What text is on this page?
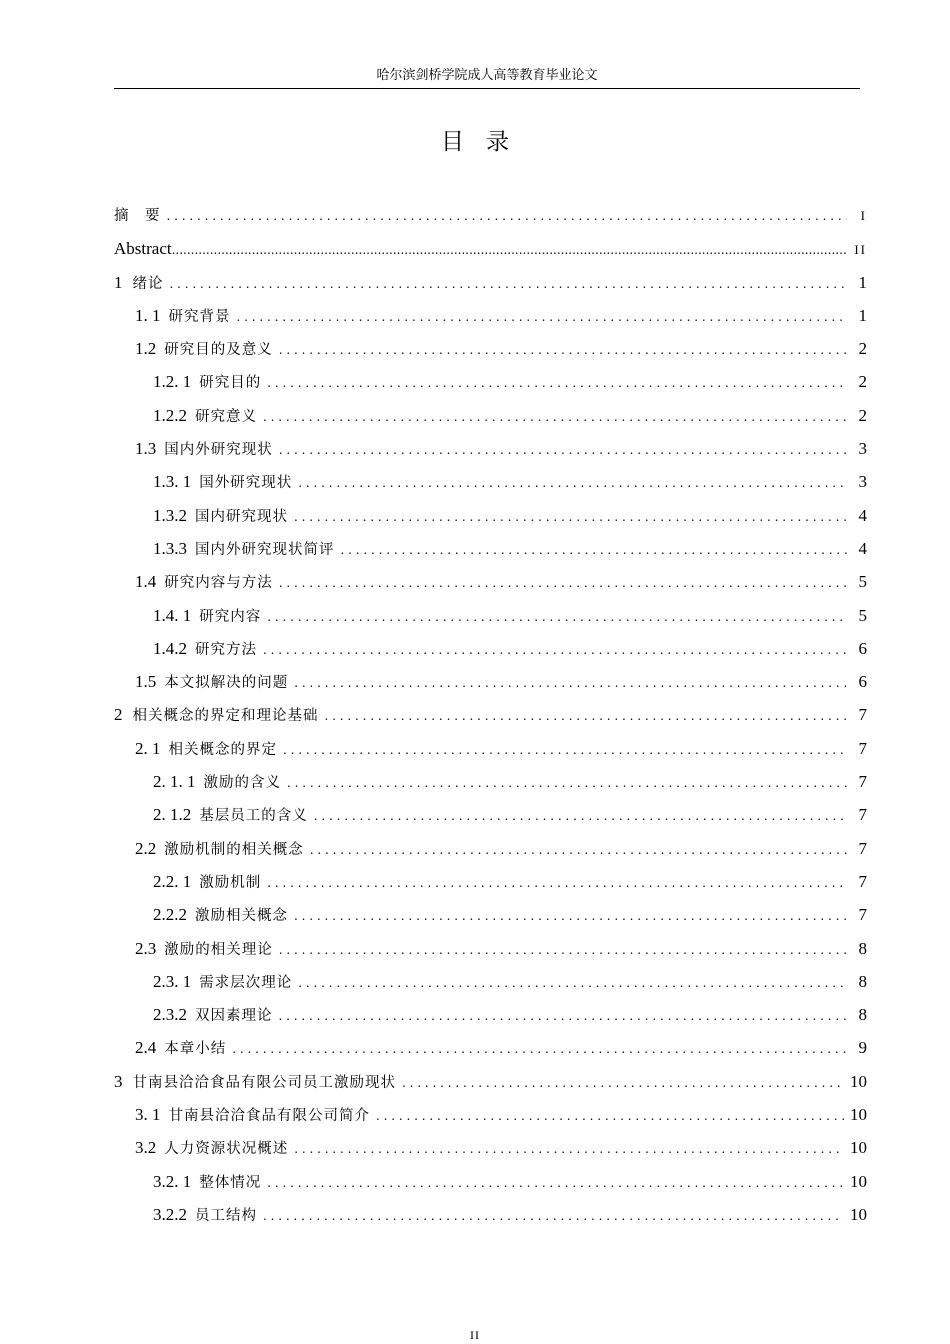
哈尔滨剑桥学院成人高等教育毕业论文
目录
摘　要 . . .	I
Abstract .....	II
1 绪论 . . .	1
1. 1 研究背景 . . .	1
1.2 研究目的及意义 . . .	2
1.2. 1 研究目的 . . .	2
1.2.2 研究意义 . . .	2
1.3 国内外研究现状 . . .	3
1.3. 1 国外研究现状 . . .	3
1.3.2 国内研究现状 . . .	4
1.3.3 国内外研究现状简评 . . .	4
1.4 研究内容与方法 . . .	5
1.4. 1 研究内容 . . .	5
1.4.2 研究方法 . . .	6
1.5 本文拟解决的问题 . . .	6
2 相关概念的界定和理论基础 . . .	7
2. 1 相关概念的界定 . . .	7
2. 1. 1 激励的含义 . . .	7
2. 1.2 基层员工的含义 . . .	7
2.2 激励机制的相关概念 . . .	7
2.2. 1 激励机制 . . .	7
2.2.2 激励相关概念 . . .	7
2.3 激励的相关理论 . . .	8
2.3. 1 需求层次理论 . . .	8
2.3.2 双因素理论 . . .	8
2.4 本章小结 . . .	9
3 甘南县洽洽食品有限公司员工激励现状 . . .	10
3. 1 甘南县洽洽食品有限公司简介 . . .	10
3.2 人力资源状况概述 . . .	10
3.2. 1 整体情况 . . .	10
3.2.2 员工结构 . . .	10
II
